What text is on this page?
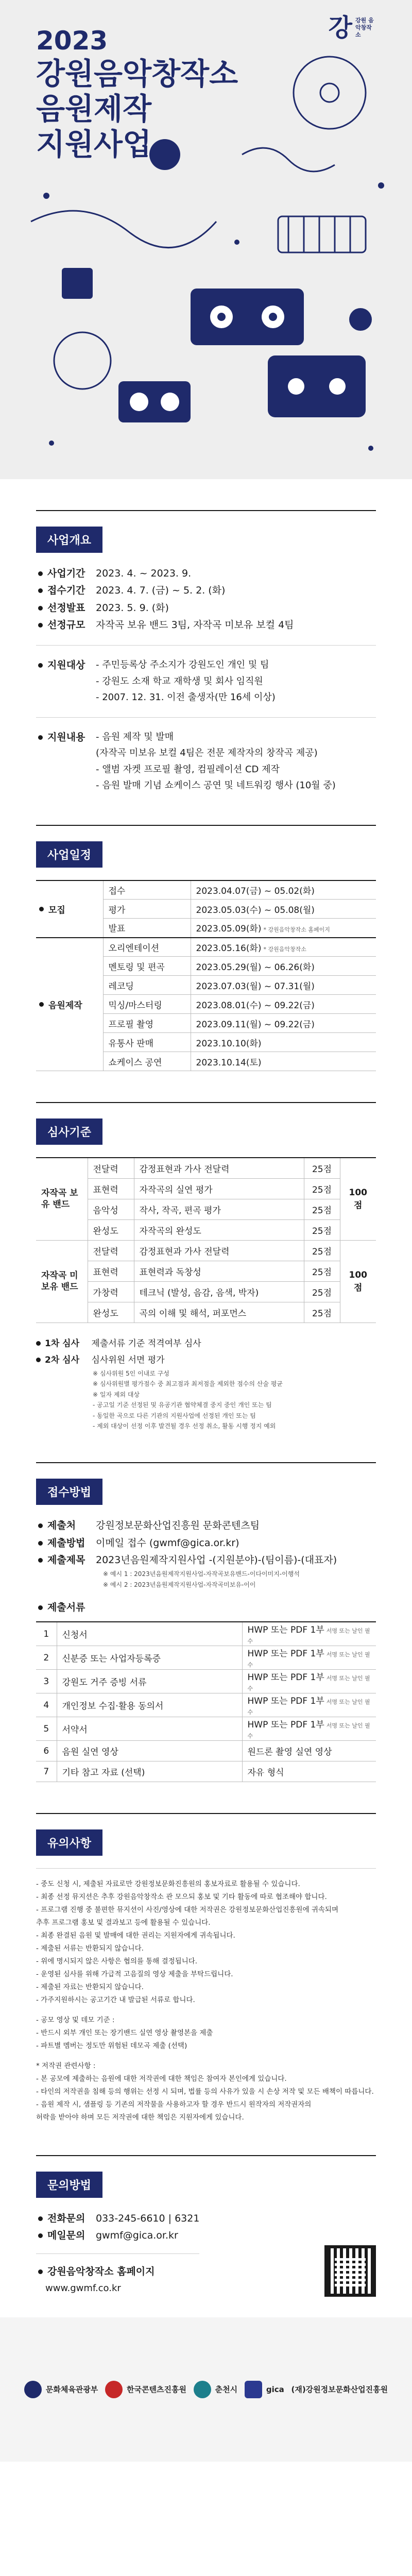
2023
강원음악창작소
음원제작
지원사업
강 강원 음악창작소
사업개요
사업기간	2023. 4. ~ 2023. 9.
접수기간	2023. 4. 7. (금) ~ 5. 2. (화)
선정발표	2023. 5. 9. (화)
선정규모	자작곡 보유 밴드 3팀, 자작곡 미보유 보컬 4팀
지원대상	- 주민등록상 주소지가 강원도인 개인 및 팀
- 강원도 소재 학교 재학생 및 회사 임직원
- 2007. 12. 31. 이전 출생자(만 16세 이상)
지원내용	- 음원 제작 및 발매
(자작곡 미보유 보컬 4팀은 전문 제작자의 창작곡 제공)
- 앨범 자켓 프로필 촬영, 컴필레이션 CD 제작
- 음원 발매 기념 쇼케이스 공연 및 네트워킹 행사 (10월 중)
사업일정
모집	접수	2023.04.07(금) ~ 05.02(화)
	평가	2023.05.03(수) ~ 05.08(월)
	발표	2023.05.09(화) * 강원음악창작소 홈페이지
음원제작	오리엔테이션	2023.05.16(화) * 강원음악창작소
	멘토링 및 편곡	2023.05.29(월) ~ 06.26(화)
	레코딩	2023.07.03(월) ~ 07.31(월)
	믹싱/마스터링	2023.08.01(수) ~ 09.22(금)
	프로필 촬영	2023.09.11(월) ~ 09.22(금)
	유통사 판매	2023.10.10(화)
	쇼케이스 공연	2023.10.14(토)
심사기준
자작곡 보유 밴드	전달력	감정표현과 가사 전달력	25점	100점
	표현력	자작곡의 실연 평가	25점	
	음악성	작사, 작곡, 편곡 평가	25점	
	완성도	자작곡의 완성도	25점	
자작곡 미보유 밴드	전달력	감정표현과 가사 전달력	25점	100점
	표현력	표현력과 독창성	25점	
	가창력	테크닉 (발성, 음감, 음색, 박자)	25점	
	완성도	곡의 이해 및 해석, 퍼포먼스	25점	
1차 심사 제출서류 기준 적격여부 심사
2차 심사 심사위원 서면 평가
※ 심사위원 5인 이내로 구성
※ 심사위원별 평가점수 중 최고점과 최저점을 제외한 점수의 산술 평균
※ 일자 제외 대상
- 공고일 기준 선정된 및 유공기관 협약체결 중지 중인 개인 또는 팀
- 동일한 곡으로 다른 기관의 지원사업에 선정된 개인 또는 팀
- 제외 대상이 선정 이후 발견될 경우 선정 취소, 활동 시행 정지 예외
접수방법
제출처	강원정보문화산업진흥원 문화콘텐츠팀
제출방법	이메일 접수 (gwmf@gica.or.kr)
제출제목	2023년음원제작지원사업 -(지원분야)-(팀이름)-(대표자)
※ 예시 1 : 2023년음원제작지원사업-자작곡보유밴드-이다이미지-이행석
※ 예시 2 : 2023년음원제작지원사업-자작곡미보유-이이
제출서류
1	신청서	HWP 또는 PDF 1부 서명 또는 날인 필수
2	신분증 또는 사업자등록증	HWP 또는 PDF 1부 서명 또는 날인 필수
3	강원도 거주 증빙 서류	HWP 또는 PDF 1부 서명 또는 날인 필수
4	개인정보 수집·활용 동의서	HWP 또는 PDF 1부 서명 또는 날인 필수
5	서약서	HWP 또는 PDF 1부 서명 또는 날인 필수
6	음원 실연 영상	원드론 촬영 실연 영상
7	기타 참고 자료 (선택)	자유 형식
유의사항

- 중도 신청 시, 제출된 자료로만 강원정보문화진흥원의 홍보자료로 활용될 수 있습니다.

- 최종 선정 뮤지션은 추후 강원음악창작소 관 모으되 홍보 및 기타 활동에 따로 협조해야 합니다.

- 프로그램 진행 중 불편한 뮤지션이 사진/영상에 대한 저작권은 강원정보문화산업진흥원에 귀속되며

추후 프로그램 홍보 및 결과보고 등에 활용될 수 있습니다.

- 최종 완결된 음원 및 발매에 대한 권리는 지원자에게 귀속됩니다.

- 제출된 서류는 반환되지 않습니다.

- 위에 명시되지 않은 사항은 협의를 통해 결정됩니다.

- 운영된 심사를 위해 가급적 고음질의 영상 제출을 부탁드립니다.

- 제출된 자료는 반환되지 않습니다.

- 가주지원하시는 공고기간 내 발급된 서류로 합니다.

- 공모 영상 및 데모 기준 :

- 반드시 외부 개인 또는 장기밴드 실연 영상 촬영본을 제출

- 파트별 멤버는 정도만 위험된 데모곡 제출 (선택)

* 저작권 관련사항 :

- 본 공모에 제출하는 음원에 대한 저작권에 대한 책임은 참여자 본인에게 있습니다.

- 타인의 저작권을 침해 등의 행위는 선정 시 되며, 법률 등의 사유가 있을 시 손상 저작 및 모든 배책이 따릅니다.

- 음원 제작 시, 샘플링 등 기존의 저작물을 사용하고자 할 경우 반드시 원작자의 저작권자의

허락을 받아야 하며 모든 저작권에 대한 책임은 지원자에게 있습니다.

문의방법
전화문의	033-245-6610 | 6321
메일문의	gwmf@gica.or.kr
강원음악창작소 홈페이지
www.gwmf.co.kr
문화체육관광부	한국콘텐츠진흥원	춘천시	gica (재)강원정보문화산업진흥원
